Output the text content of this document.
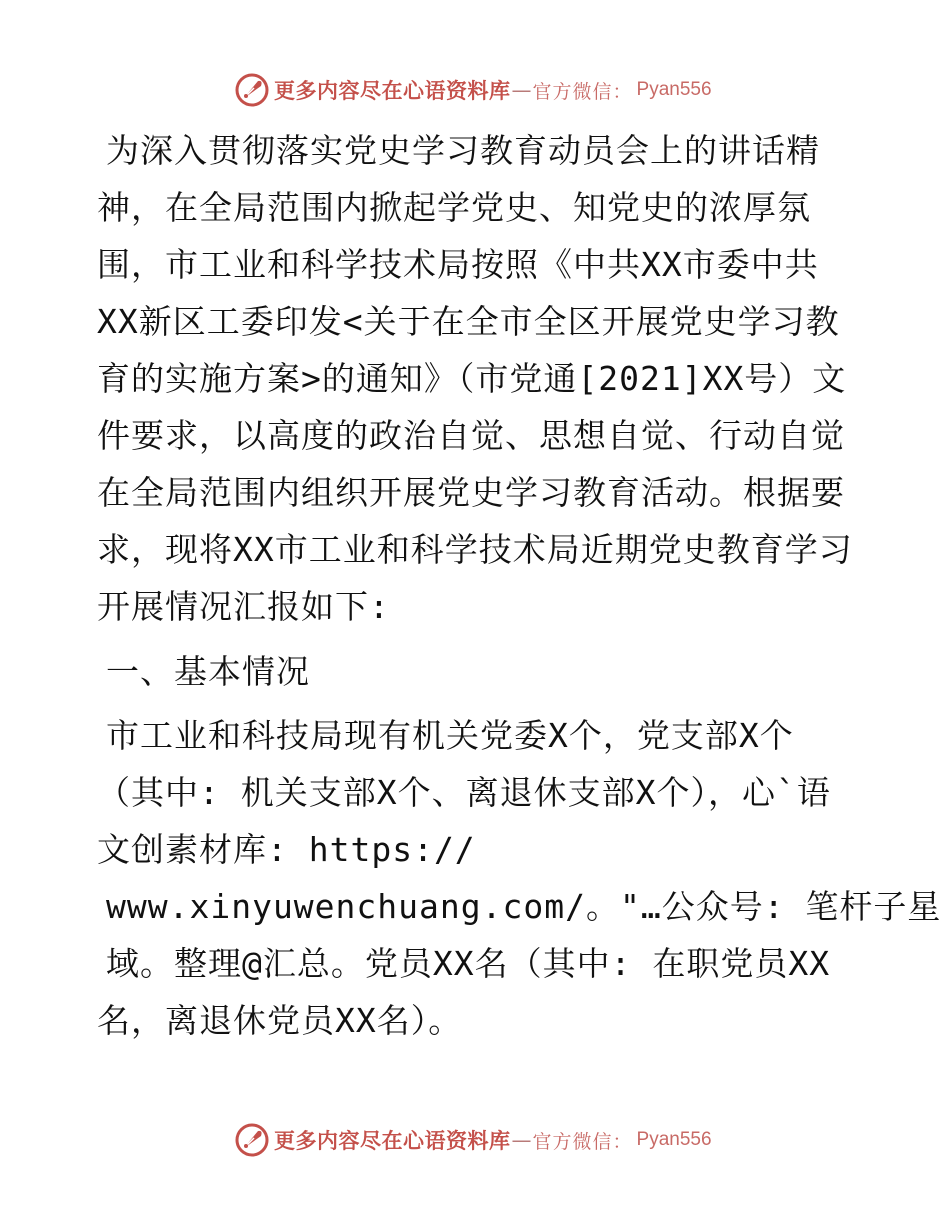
更多内容尽在心语资料库 — 官方微信： Pyan556

为深入贯彻落实党史学习教育动员会上的讲话精神，在全局范围内掀起学党史、知党史的浓厚氛围，市工业和科学技术局按照《中共XX市委中共XX新区工委印发<关于在全市全区开展党史学习教育的实施方案>的通知》（市党通[2021]XX号）文件要求，以高度的政治自觉、思想自觉、行动自觉在全局范围内组织开展党史学习教育活动。根据要求，现将XX市工业和科学技术局近期党史教育学习开展情况汇报如下:

一、基本情况

市工业和科技局现有机关党委X个，党支部X个（其中: 机关支部X个、离退休支部X个），心`语文创素材库: https://

www.xinyuwenchuang.com/。"…公众号: 笔杆子星

域。整理@汇总。党员XX名（其中: 在职党员XX名，离退休党员XX名）。

更多内容尽在心语资料库 — 官方微信： Pyan556
